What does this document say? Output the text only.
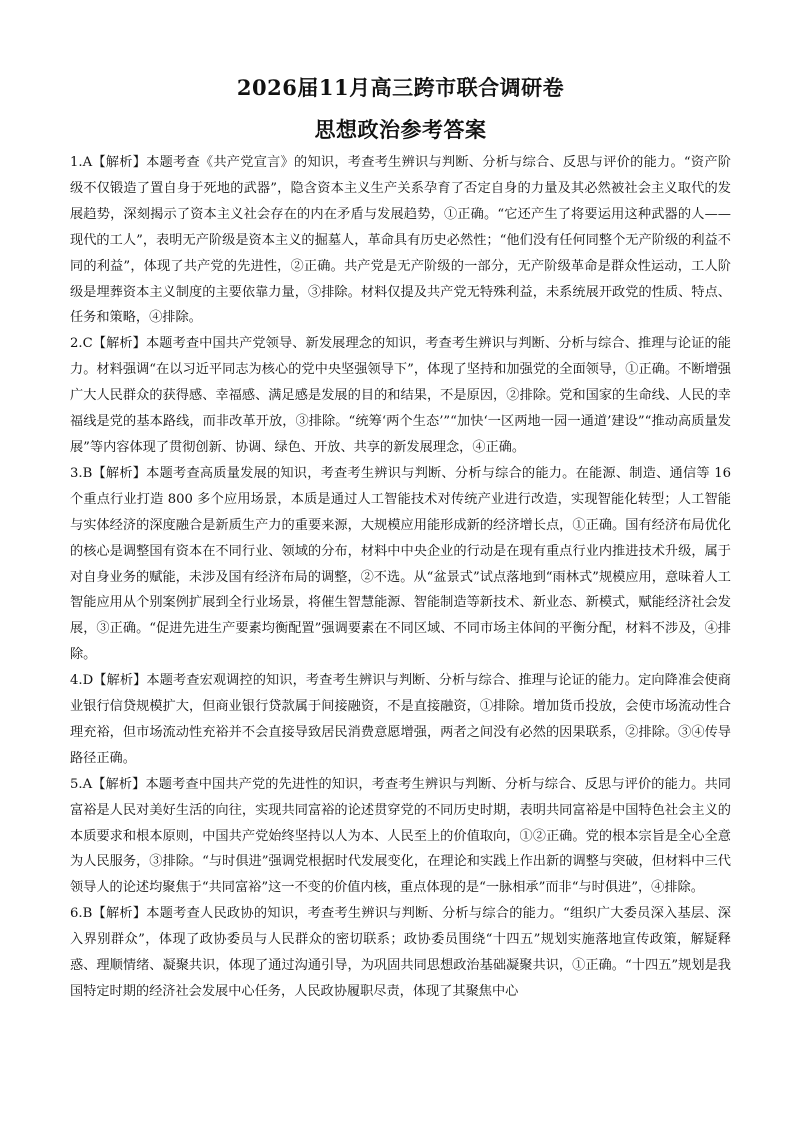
2026届11月高三跨市联合调研卷
思想政治参考答案

1.A【解析】本题考查《共产党宣言》的知识，考查考生辨识与判断、分析与综合、反思与评价的能力。“资产阶级不仅锻造了置自身于死地的武器”，隐含资本主义生产关系孕育了否定自身的力量及其必然被社会主义取代的发展趋势，深刻揭示了资本主义社会存在的内在矛盾与发展趋势，①正确。“它还产生了将要运用这种武器的人——现代的工人”，表明无产阶级是资本主义的掘墓人，革命具有历史必然性；“他们没有任何同整个无产阶级的利益不同的利益”，体现了共产党的先进性，②正确。共产党是无产阶级的一部分，无产阶级革命是群众性运动，工人阶级是埋葬资本主义制度的主要依靠力量，③排除。材料仅提及共产党无特殊利益，未系统展开政党的性质、特点、任务和策略，④排除。

2.C【解析】本题考查中国共产党领导、新发展理念的知识，考查考生辨识与判断、分析与综合、推理与论证的能力。材料强调“在以习近平同志为核心的党中央坚强领导下”，体现了坚持和加强党的全面领导，①正确。不断增强广大人民群众的获得感、幸福感、满足感是发展的目的和结果，不是原因，②排除。党和国家的生命线、人民的幸福线是党的基本路线，而非改革开放，③排除。“统筹‘两个生态’”“加快‘一区两地一园一通道’建设”“推动高质量发展”等内容体现了贯彻创新、协调、绿色、开放、共享的新发展理念，④正确。

3.B【解析】本题考查高质量发展的知识，考查考生辨识与判断、分析与综合的能力。在能源、制造、通信等 16 个重点行业打造 800 多个应用场景，本质是通过人工智能技术对传统产业进行改造，实现智能化转型；人工智能与实体经济的深度融合是新质生产力的重要来源，大规模应用能形成新的经济增长点，①正确。国有经济布局优化的核心是调整国有资本在不同行业、领域的分布，材料中中央企业的行动是在现有重点行业内推进技术升级，属于对自身业务的赋能，未涉及国有经济布局的调整，②不选。从“盆景式”试点落地到“雨林式”规模应用，意味着人工智能应用从个别案例扩展到全行业场景，将催生智慧能源、智能制造等新技术、新业态、新模式，赋能经济社会发展，③正确。“促进先进生产要素均衡配置”强调要素在不同区域、不同市场主体间的平衡分配，材料不涉及，④排除。

4.D【解析】本题考查宏观调控的知识，考查考生辨识与判断、分析与综合、推理与论证的能力。定向降准会使商业银行信贷规模扩大，但商业银行贷款属于间接融资，不是直接融资，①排除。增加货币投放，会使市场流动性合理充裕，但市场流动性充裕并不会直接导致居民消费意愿增强，两者之间没有必然的因果联系，②排除。③④传导路径正确。

5.A【解析】本题考查中国共产党的先进性的知识，考查考生辨识与判断、分析与综合、反思与评价的能力。共同富裕是人民对美好生活的向往，实现共同富裕的论述贯穿党的不同历史时期，表明共同富裕是中国特色社会主义的本质要求和根本原则，中国共产党始终坚持以人为本、人民至上的价值取向，①②正确。党的根本宗旨是全心全意为人民服务，③排除。“与时俱进”强调党根据时代发展变化，在理论和实践上作出新的调整与突破，但材料中三代领导人的论述均聚焦于“共同富裕”这一不变的价值内核，重点体现的是“一脉相承”而非“与时俱进”，④排除。

6.B【解析】本题考查人民政协的知识，考查考生辨识与判断、分析与综合的能力。“组织广大委员深入基层、深入界别群众”，体现了政协委员与人民群众的密切联系；政协委员围绕“十四五”规划实施落地宣传政策，解疑释惑、理顺情绪、凝聚共识，体现了通过沟通引导，为巩固共同思想政治基础凝聚共识，①正确。“十四五”规划是我国特定时期的经济社会发展中心任务，人民政协履职尽责，体现了其聚焦中心
